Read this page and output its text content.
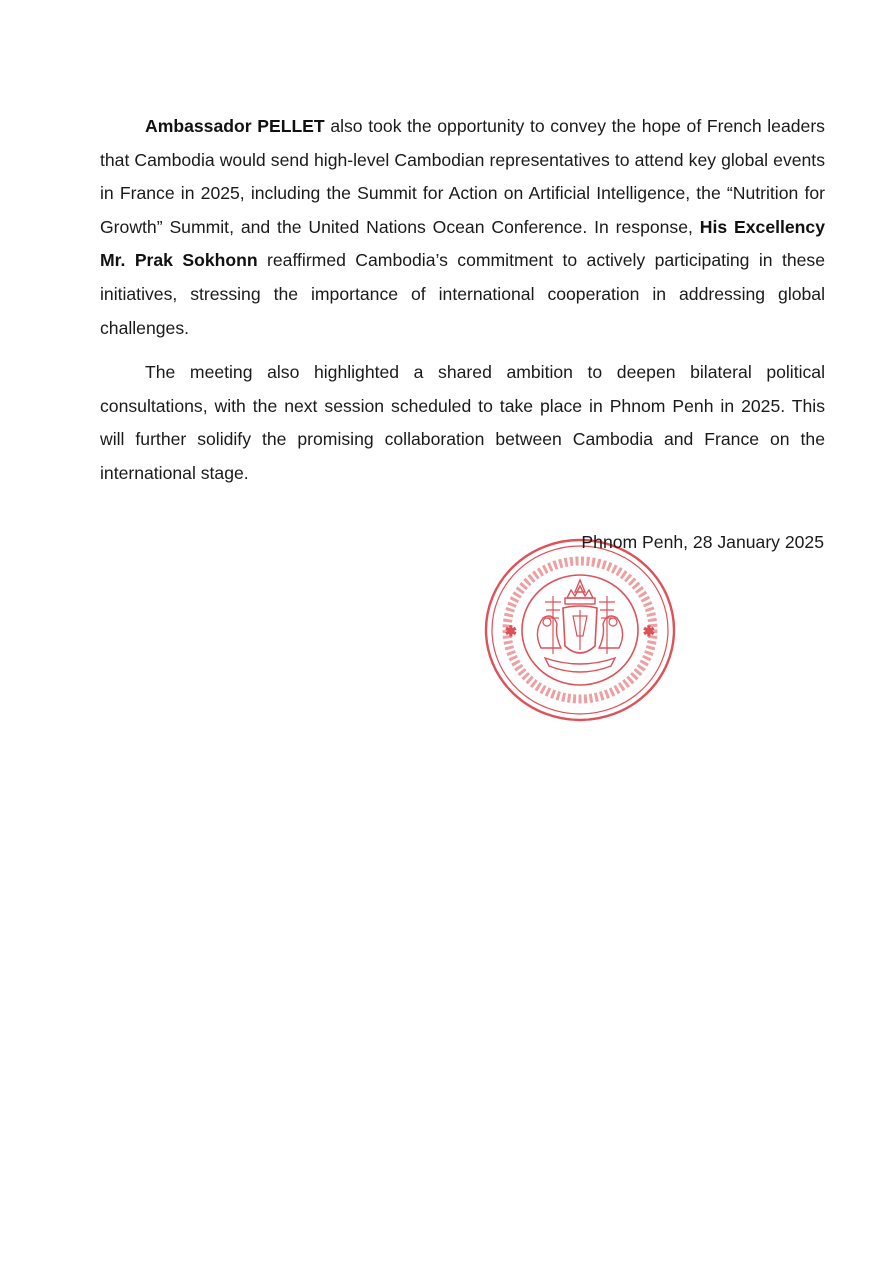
Ambassador PELLET also took the opportunity to convey the hope of French leaders that Cambodia would send high-level Cambodian representatives to attend key global events in France in 2025, including the Summit for Action on Artificial Intelligence, the “Nutrition for Growth” Summit, and the United Nations Ocean Conference. In response, His Excellency Mr. Prak Sokhonn reaffirmed Cambodia’s commitment to actively participating in these initiatives, stressing the importance of international cooperation in addressing global challenges.

The meeting also highlighted a shared ambition to deepen bilateral political consultations, with the next session scheduled to take place in Phnom Penh in 2025. This will further solidify the promising collaboration between Cambodia and France on the international stage.

✱	✱
Phnom Penh, 28 January 2025
